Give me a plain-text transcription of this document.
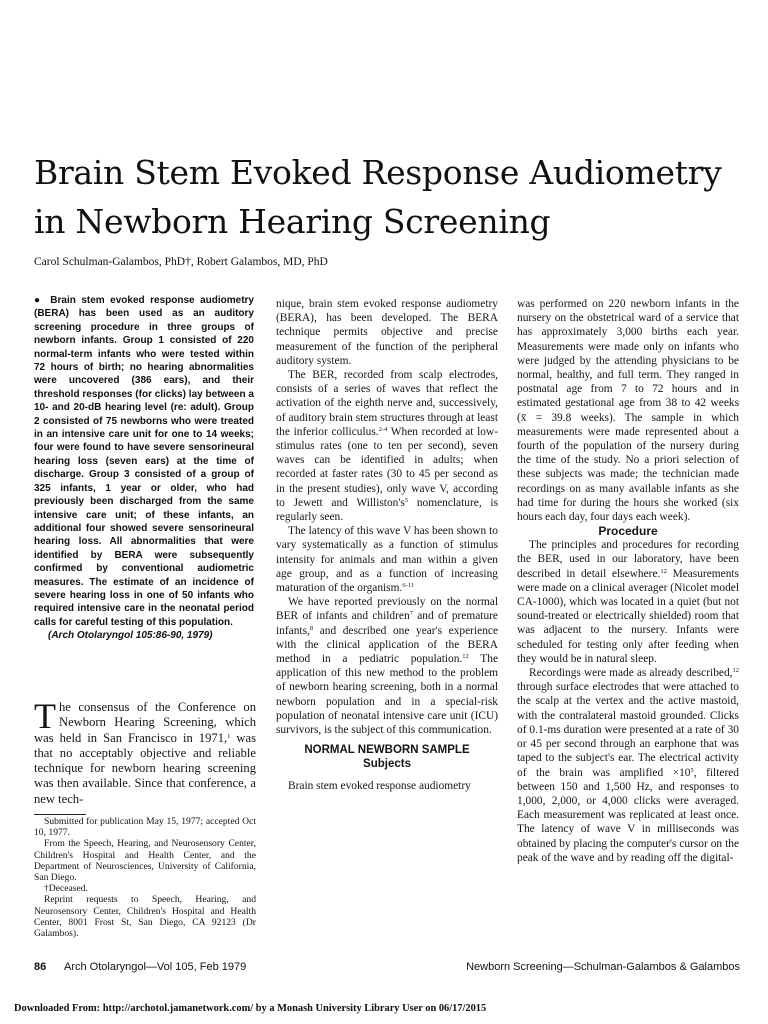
Brain Stem Evoked Response Audiometry in Newborn Hearing Screening
Carol Schulman-Galambos, PhD†, Robert Galambos, MD, PhD
● Brain stem evoked response audiometry (BERA) has been used as an auditory screening procedure in three groups of newborn infants. Group 1 consisted of 220 normal-term infants who were tested within 72 hours of birth; no hearing abnormalities were uncovered (386 ears), and their threshold responses (for clicks) lay between a 10- and 20-dB hearing level (re: adult). Group 2 consisted of 75 newborns who were treated in an intensive care unit for one to 14 weeks; four were found to have severe sensorineural hearing loss (seven ears) at the time of discharge. Group 3 consisted of a group of 325 infants, 1 year or older, who had previously been discharged from the same intensive care unit; of these infants, an additional four showed severe sensorineural hearing loss. All abnormalities that were identified by BERA were subsequently confirmed by conventional audiometric measures. The estimate of an incidence of severe hearing loss in one of 50 infants who required intensive care in the neonatal period calls for careful testing of this population.
(Arch Otolaryngol 105:86-90, 1979)

The consensus of the Conference on Newborn Hearing Screening, which was held in San Francisco in 1971,$^1$ was that no acceptably objective and reliable technique for newborn hearing screening was then available. Since that conference, a new tech-

Submitted for publication May 15, 1977; accepted Oct 10, 1977.

From the Speech, Hearing, and Neurosensory Center, Children's Hospital and Health Center, and the Department of Neurosciences, University of California, San Diego.

†Deceased.

Reprint requests to Speech, Hearing, and Neurosensory Center, Children's Hospital and Health Center, 8001 Frost St, San Diego, CA 92123 (Dr Galambos).

nique, brain stem evoked response audiometry (BERA), has been developed. The BERA technique permits objective and precise measurement of the function of the peripheral auditory system.

The BER, recorded from scalp electrodes, consists of a series of waves that reflect the activation of the eighth nerve and, successively, of auditory brain stem structures through at least the inferior colliculus.$^{2-4}$ When recorded at low-stimulus rates (one to ten per second), seven waves can be identified in adults; when recorded at faster rates (30 to 45 per second as in the present studies), only wave V, according to Jewett and $Williston's^5$ nomenclature, is regularly seen.

The latency of this wave V has been shown to vary systematically as a function of stimulus intensity for animals and man within a given age group, and as a function of increasing maturation of the organism.$^{6-11}$

We have reported previously on the normal BER of infants and children$^7$ and of premature infants,$^8$ and described one year's experience with the clinical application of the BERA method in a pediatric population.$^{12}$ The application of this new method to the problem of newborn hearing screening, both in a normal newborn population and in a special-risk population of neonatal intensive care unit (ICU) survivors, is the subject of this communication.

NORMAL NEWBORN SAMPLE

Subjects

Brain stem evoked response audiometry

was performed on 220 newborn infants in the nursery on the obstetrical ward of a service that has approximately 3,000 births each year. Measurements were made only on infants who were judged by the attending physicians to be normal, healthy, and full term. They ranged in postnatal age from 7 to 72 hours and in estimated gestational age from 38 to 42 weeks (x̄ = 39.8 weeks). The sample in which measurements were made represented about a fourth of the population of the nursery during the time of the study. No a priori selection of these subjects was made; the technician made recordings on as many available infants as she had time for during the hours she worked (six hours each day, four days each week).

Procedure

The principles and procedures for recording the BER, used in our laboratory, have been described in detail elsewhere.$^{12}$ Measurements were made on a clinical averager (Nicolet model CA-1000), which was located in a quiet (but not sound-treated or electrically shielded) room that was adjacent to the nursery. Infants were scheduled for testing only after feeding when they would be in natural sleep.

Recordings were made as already described,$^{12}$ through surface electrodes that were attached to the scalp at the vertex and the active mastoid, with the contralateral mastoid grounded. Clicks of 0.1-ms duration were presented at a rate of 30 or 45 per second through an earphone that was taped to the subject's ear. The electrical activity of the brain was amplified $\times 10^5$, filtered between 150 and 1,500 Hz, and responses to 1,000, 2,000, or 4,000 clicks were averaged. Each measurement was replicated at least once. The latency of wave V in milliseconds was obtained by placing the computer's cursor on the peak of the wave and by reading off the digital-

86 Arch Otolaryngol—Vol 105, Feb 1979	Newborn Screening—Schulman-Galambos & Galambos
Downloaded From: http://archotol.jamanetwork.com/ by a Monash University Library User on 06/17/2015
